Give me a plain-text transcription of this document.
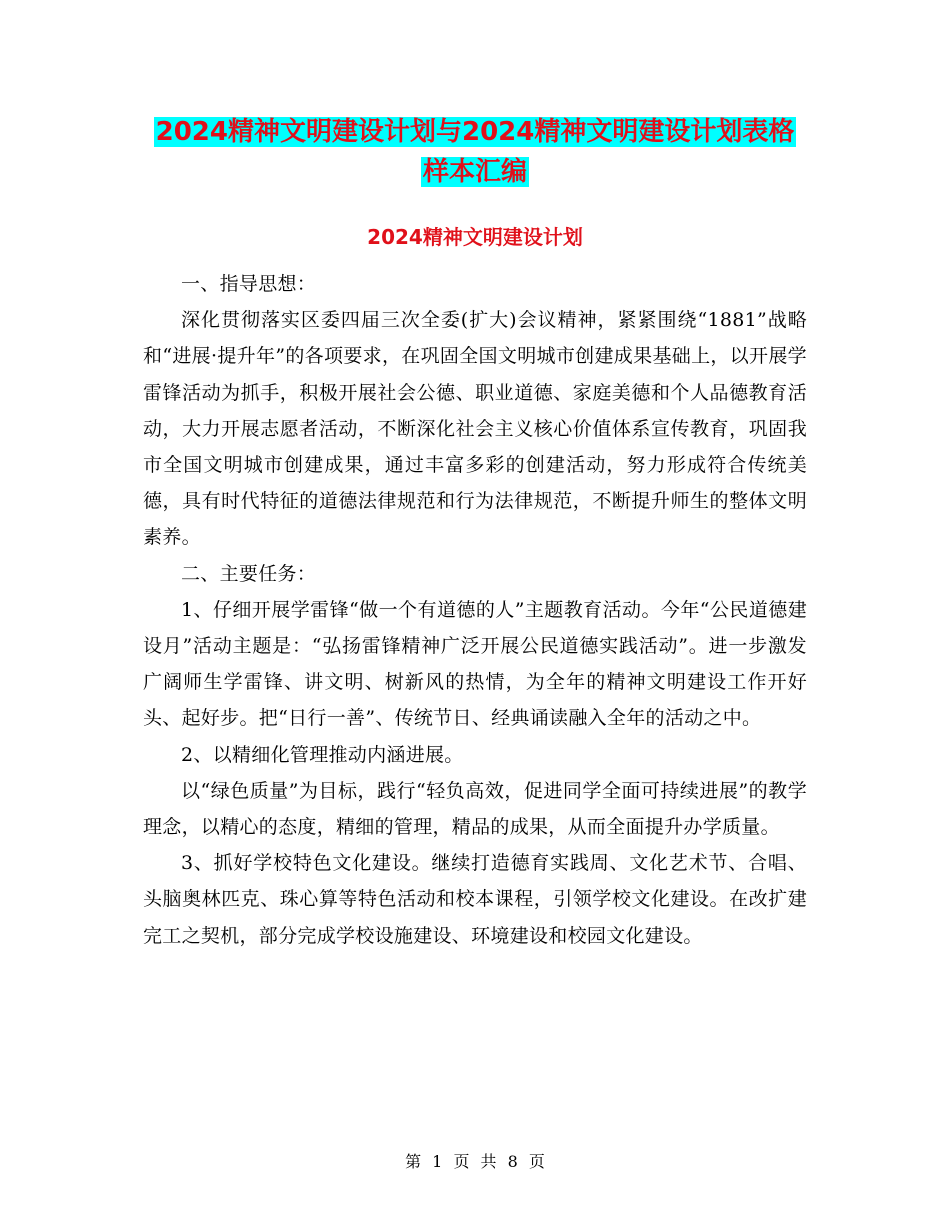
2024精神文明建设计划与2024精神文明建设计划表格
样本汇编
2024精神文明建设计划

一、指导思想：

深化贯彻落实区委四届三次全委(扩大)会议精神，紧紧围绕“1881”战略和“进展·提升年”的各项要求，在巩固全国文明城市创建成果基础上，以开展学雷锋活动为抓手，积极开展社会公德、职业道德、家庭美德和个人品德教育活动，大力开展志愿者活动，不断深化社会主义核心价值体系宣传教育，巩固我市全国文明城市创建成果，通过丰富多彩的创建活动，努力形成符合传统美德，具有时代特征的道德法律规范和行为法律规范，不断提升师生的整体文明素养。

二、主要任务：

1、仔细开展学雷锋“做一个有道德的人”主题教育活动。今年“公民道德建设月”活动主题是：“弘扬雷锋精神广泛开展公民道德实践活动”。进一步激发广阔师生学雷锋、讲文明、树新风的热情，为全年的精神文明建设工作开好头、起好步。把“日行一善”、传统节日、经典诵读融入全年的活动之中。

2、以精细化管理推动内涵进展。

以“绿色质量”为目标，践行“轻负高效，促进同学全面可持续进展”的教学理念，以精心的态度，精细的管理，精品的成果，从而全面提升办学质量。

3、抓好学校特色文化建设。继续打造德育实践周、文化艺术节、合唱、头脑奥林匹克、珠心算等特色活动和校本课程，引领学校文化建设。在改扩建完工之契机，部分完成学校设施建设、环境建设和校园文化建设。

第 1 页 共 8 页
